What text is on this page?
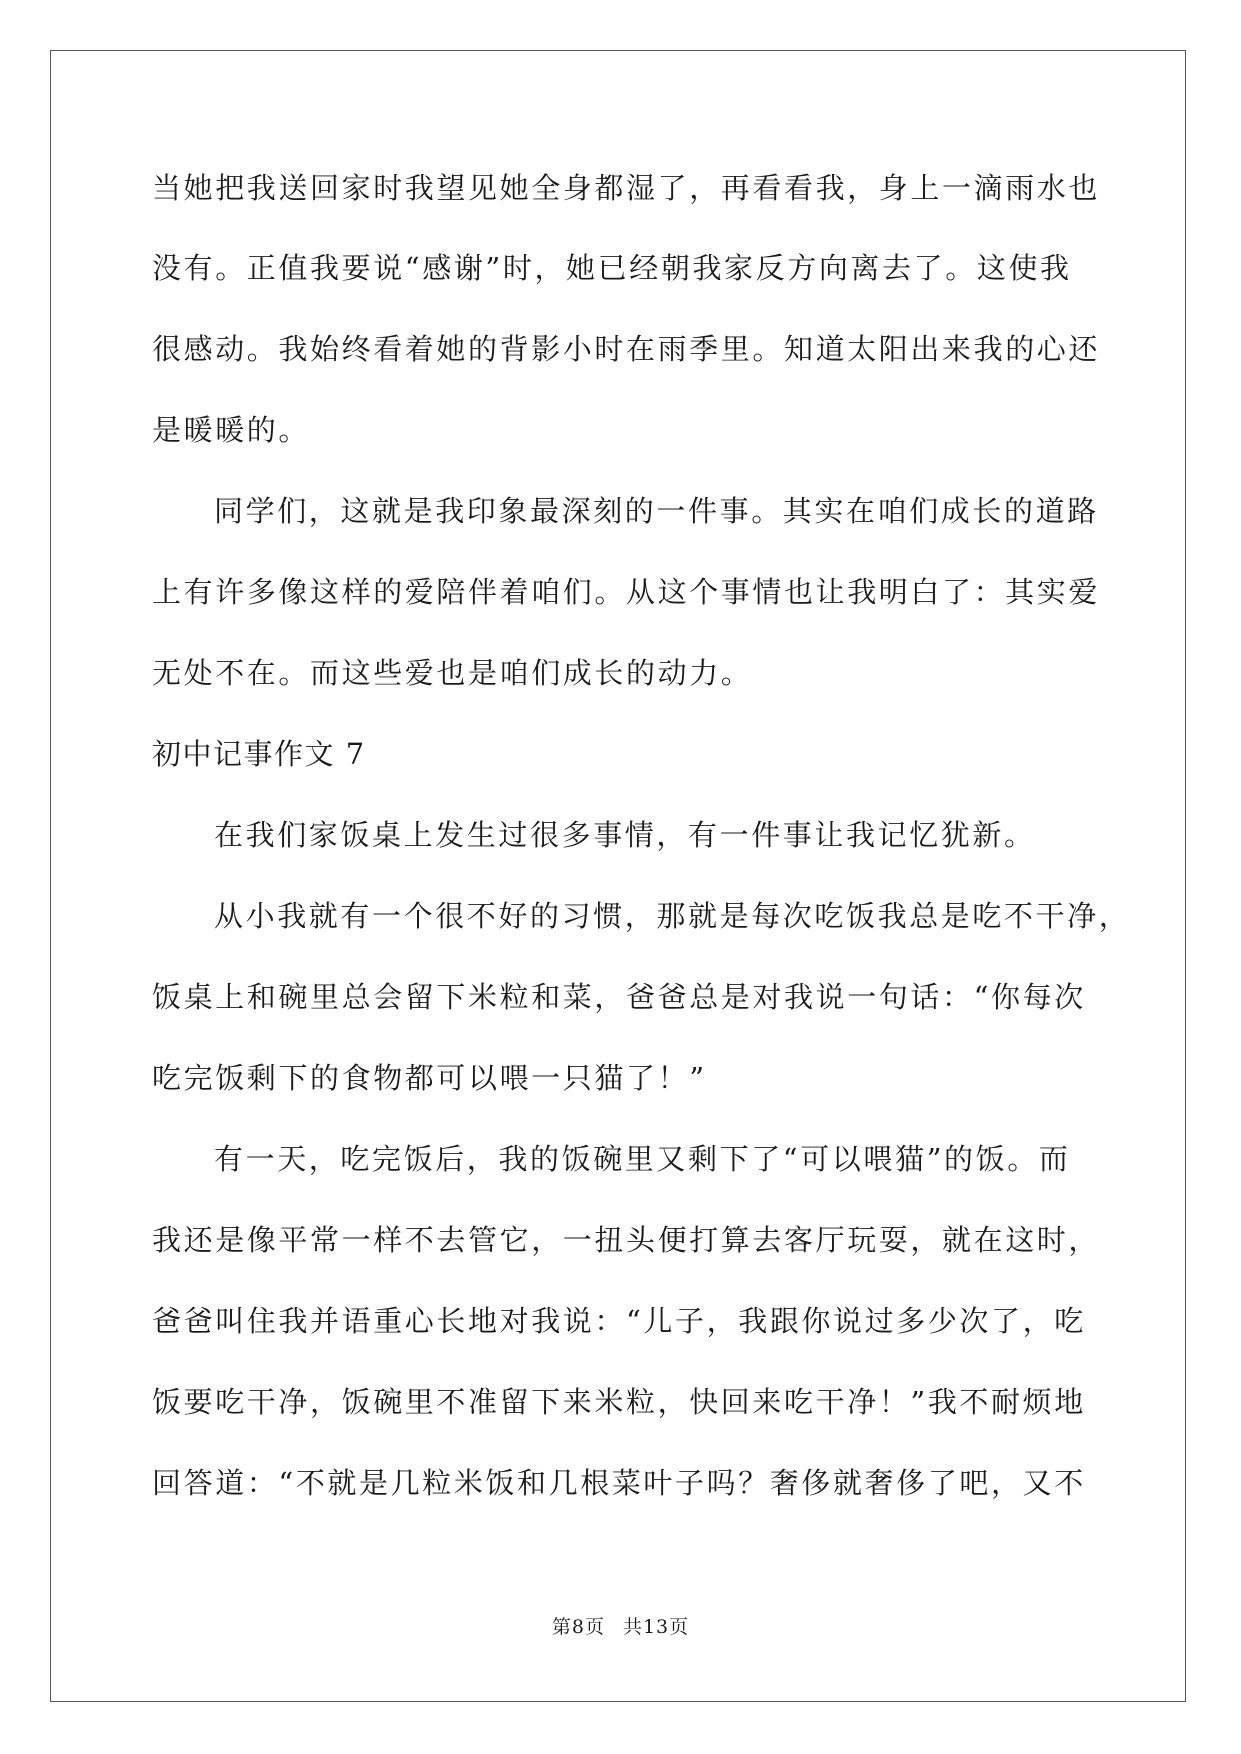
当她把我送回家时我望见她全身都湿了，再看看我，身上一滴雨水也
没有。正值我要说“感谢”时，她已经朝我家反方向离去了。这使我
很感动。我始终看着她的背影小时在雨季里。知道太阳出来我的心还
是暖暖的。
同学们，这就是我印象最深刻的一件事。其实在咱们成长的道路
上有许多像这样的爱陪伴着咱们。从这个事情也让我明白了：其实爱
无处不在。而这些爱也是咱们成长的动力。
初中记事作文 7
在我们家饭桌上发生过很多事情，有一件事让我记忆犹新。
从小我就有一个很不好的习惯，那就是每次吃饭我总是吃不干净，
饭桌上和碗里总会留下米粒和菜，爸爸总是对我说一句话：“你每次
吃完饭剩下的食物都可以喂一只猫了！”
有一天，吃完饭后，我的饭碗里又剩下了“可以喂猫”的饭。而
我还是像平常一样不去管它，一扭头便打算去客厅玩耍，就在这时，
爸爸叫住我并语重心长地对我说：“儿子，我跟你说过多少次了，吃
饭要吃干净，饭碗里不准留下来米粒，快回来吃干净！”我不耐烦地
回答道：“不就是几粒米饭和几根菜叶子吗？奢侈就奢侈了吧，又不
第8页 共13页
